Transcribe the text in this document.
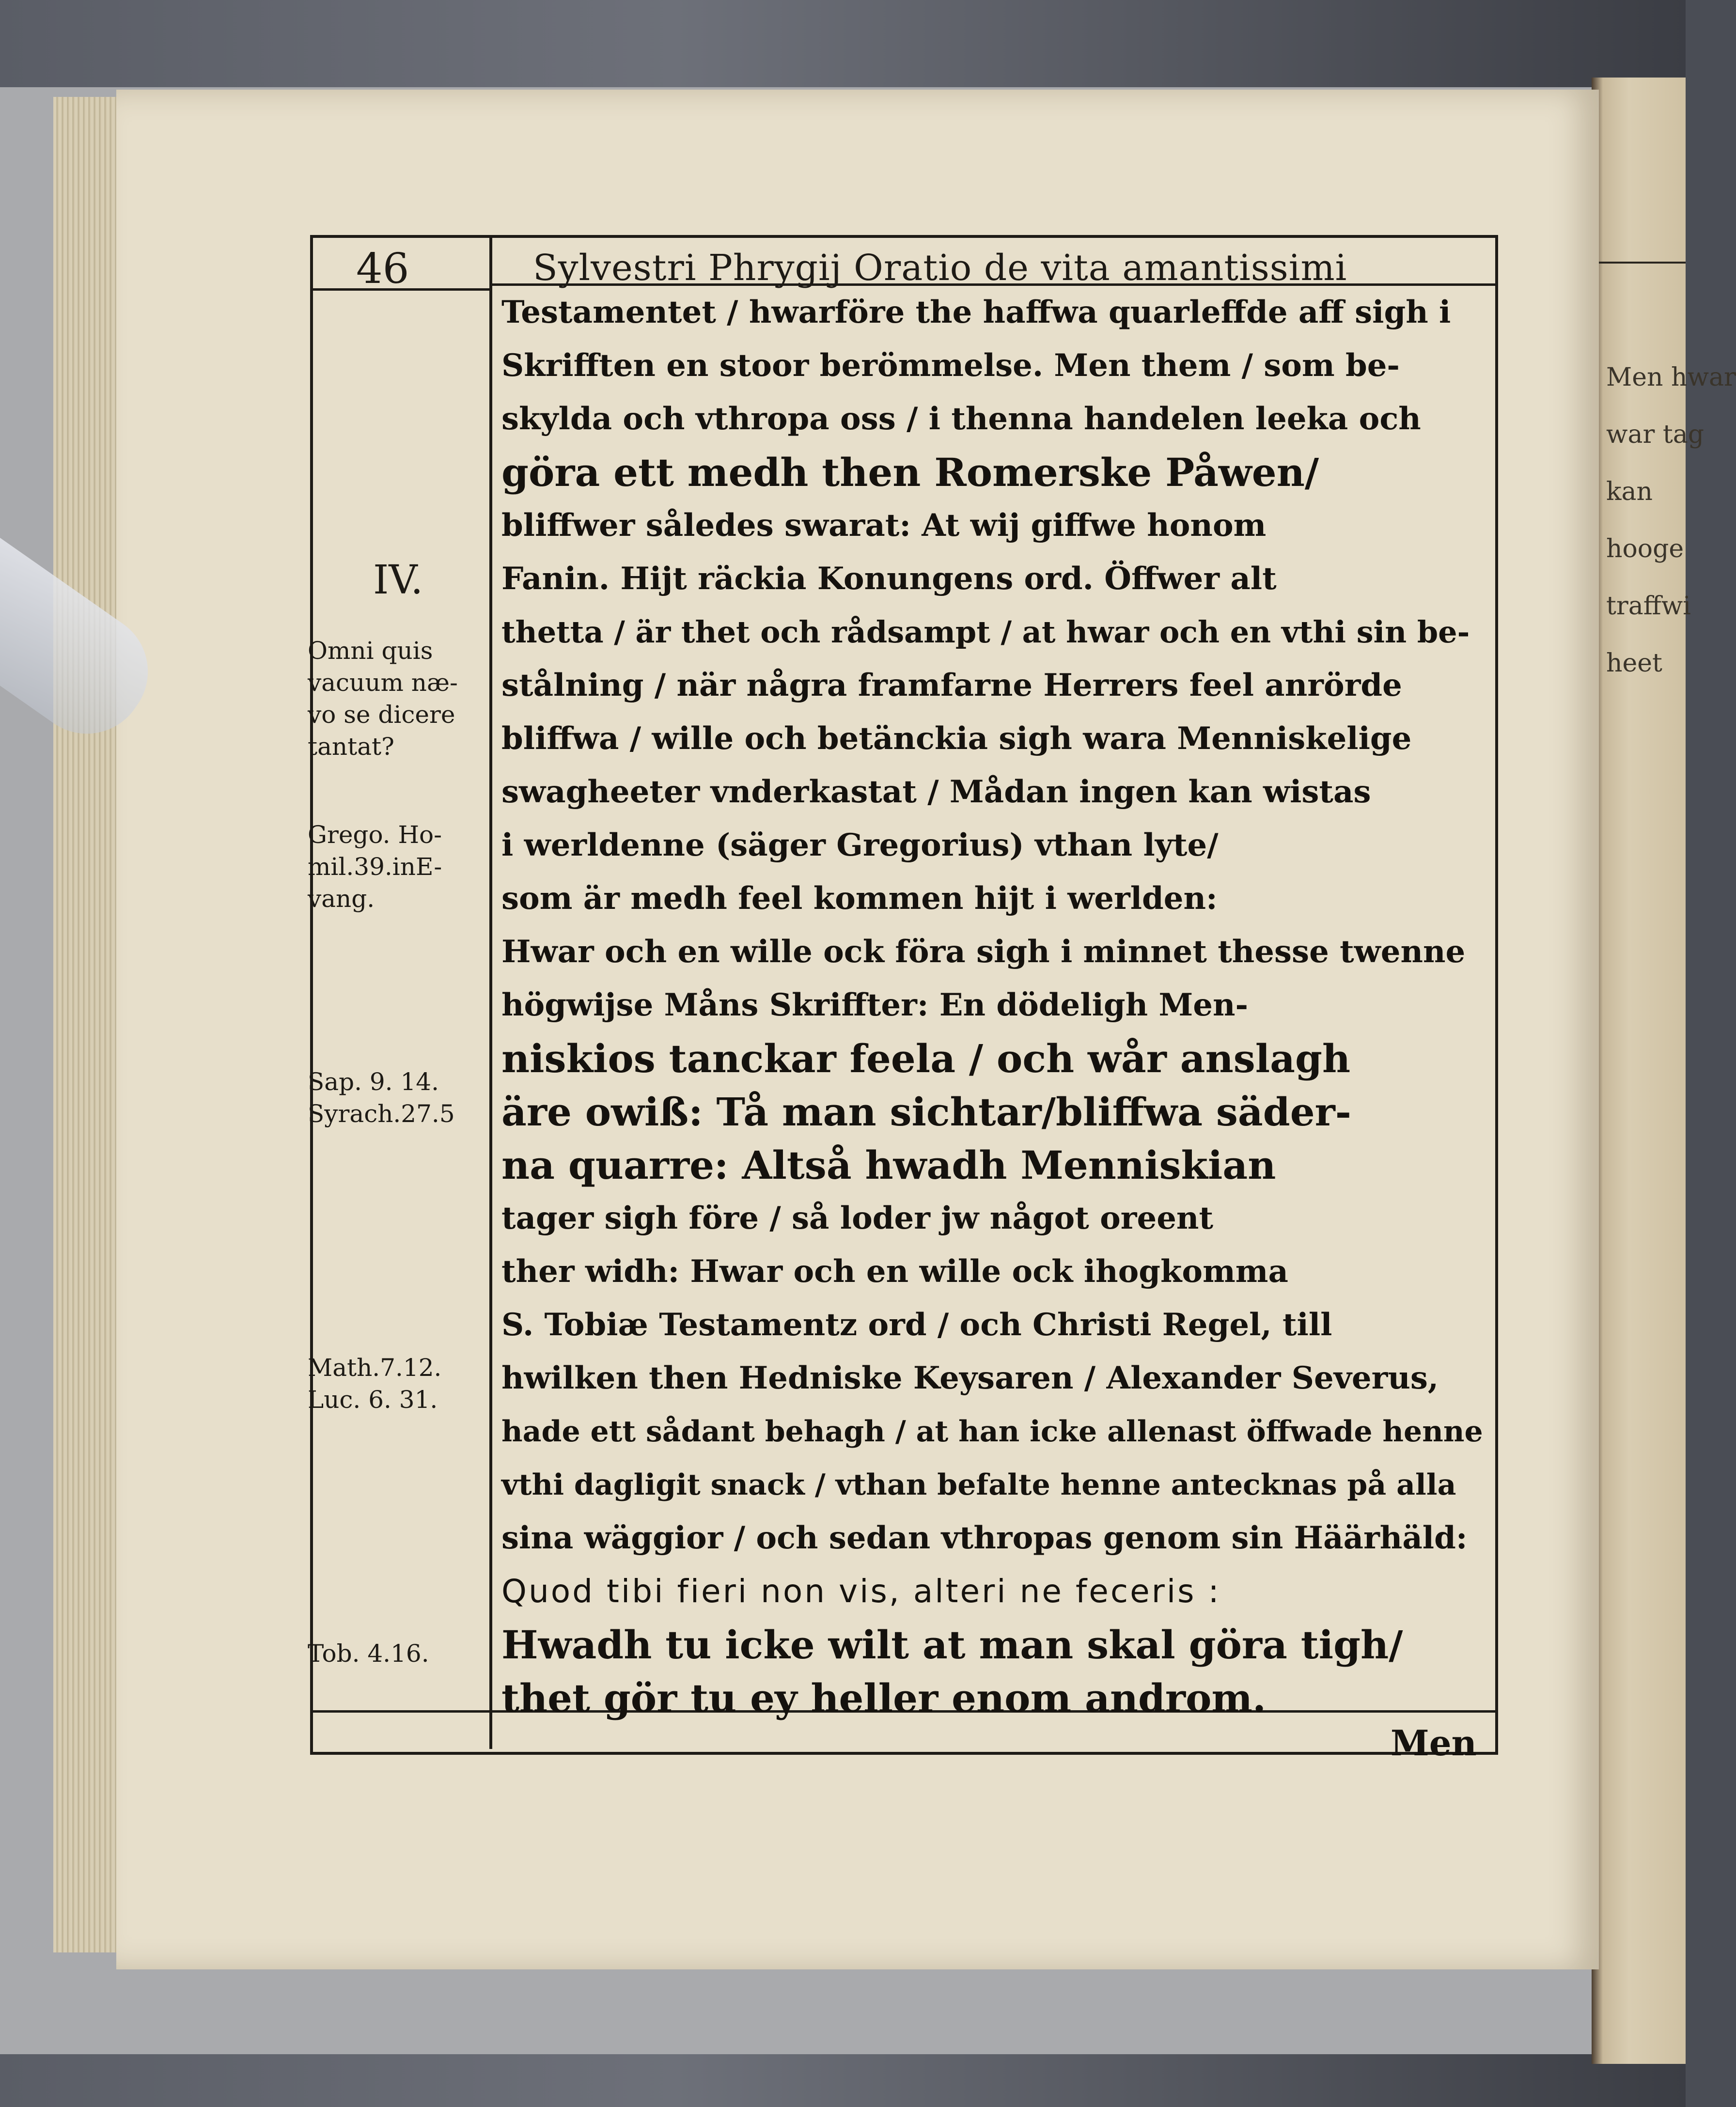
Men hwar
war tag
kan
hooge
traffwi
heet
46	Sylvestri Phrygij Oratio de vita amantissimi
IV.
Omni quis
vacuum næ-
vo se dicere
tantat?
Grego. Ho-
mil.39.inE-
vang.
Sap. 9. 14.
Syrach.27.5
Math.7.12.
Luc. 6. 31.
Tob. 4.16.
Testamentet / hwarföre the haffwa quarleffde aff sigh i
Skrifften en stoor berömmelse. Men them / som be-
skylda och vthropa oss / i thenna handelen leeka och
göra ett medh then Romerske Påwen/
bliffwer således swarat: At wij giffwe honom
Fanin. Hijt räckia Konungens ord. Öffwer alt
thetta / är thet och rådsampt / at hwar och en vthi sin be-
stålning / när några framfarne Herrers feel anrörde
bliffwa / wille och betänckia sigh wara Menniskelige
swagheeter vnderkastat / Mådan ingen kan wistas
i werldenne (säger Gregorius) vthan lyte/
som är medh feel kommen hijt i werlden:
Hwar och en wille ock föra sigh i minnet thesse twenne
högwijse Måns Skriffter: En dödeligh Men-
niskios tanckar feela / och wår anslagh
äre owiß: Tå man sichtar/bliffwa säder-
na quarre: Altså hwadh Menniskian
tager sigh före / så loder jw något oreent
ther widh: Hwar och en wille ock ihogkomma
S. Tobiæ Testamentz ord / och Christi Regel, till
hwilken then Hedniske Keysaren / Alexander Severus,
hade ett sådant behagh / at han icke allenast öffwade henne
vthi dagligit snack / vthan befalte henne antecknas på alla
sina wäggior / och sedan vthropas genom sin Häärhäld:
Quod tibi fieri non vis, alteri ne feceris :
Hwadh tu icke wilt at man skal göra tigh/
thet gör tu ey heller enom androm.
Men
